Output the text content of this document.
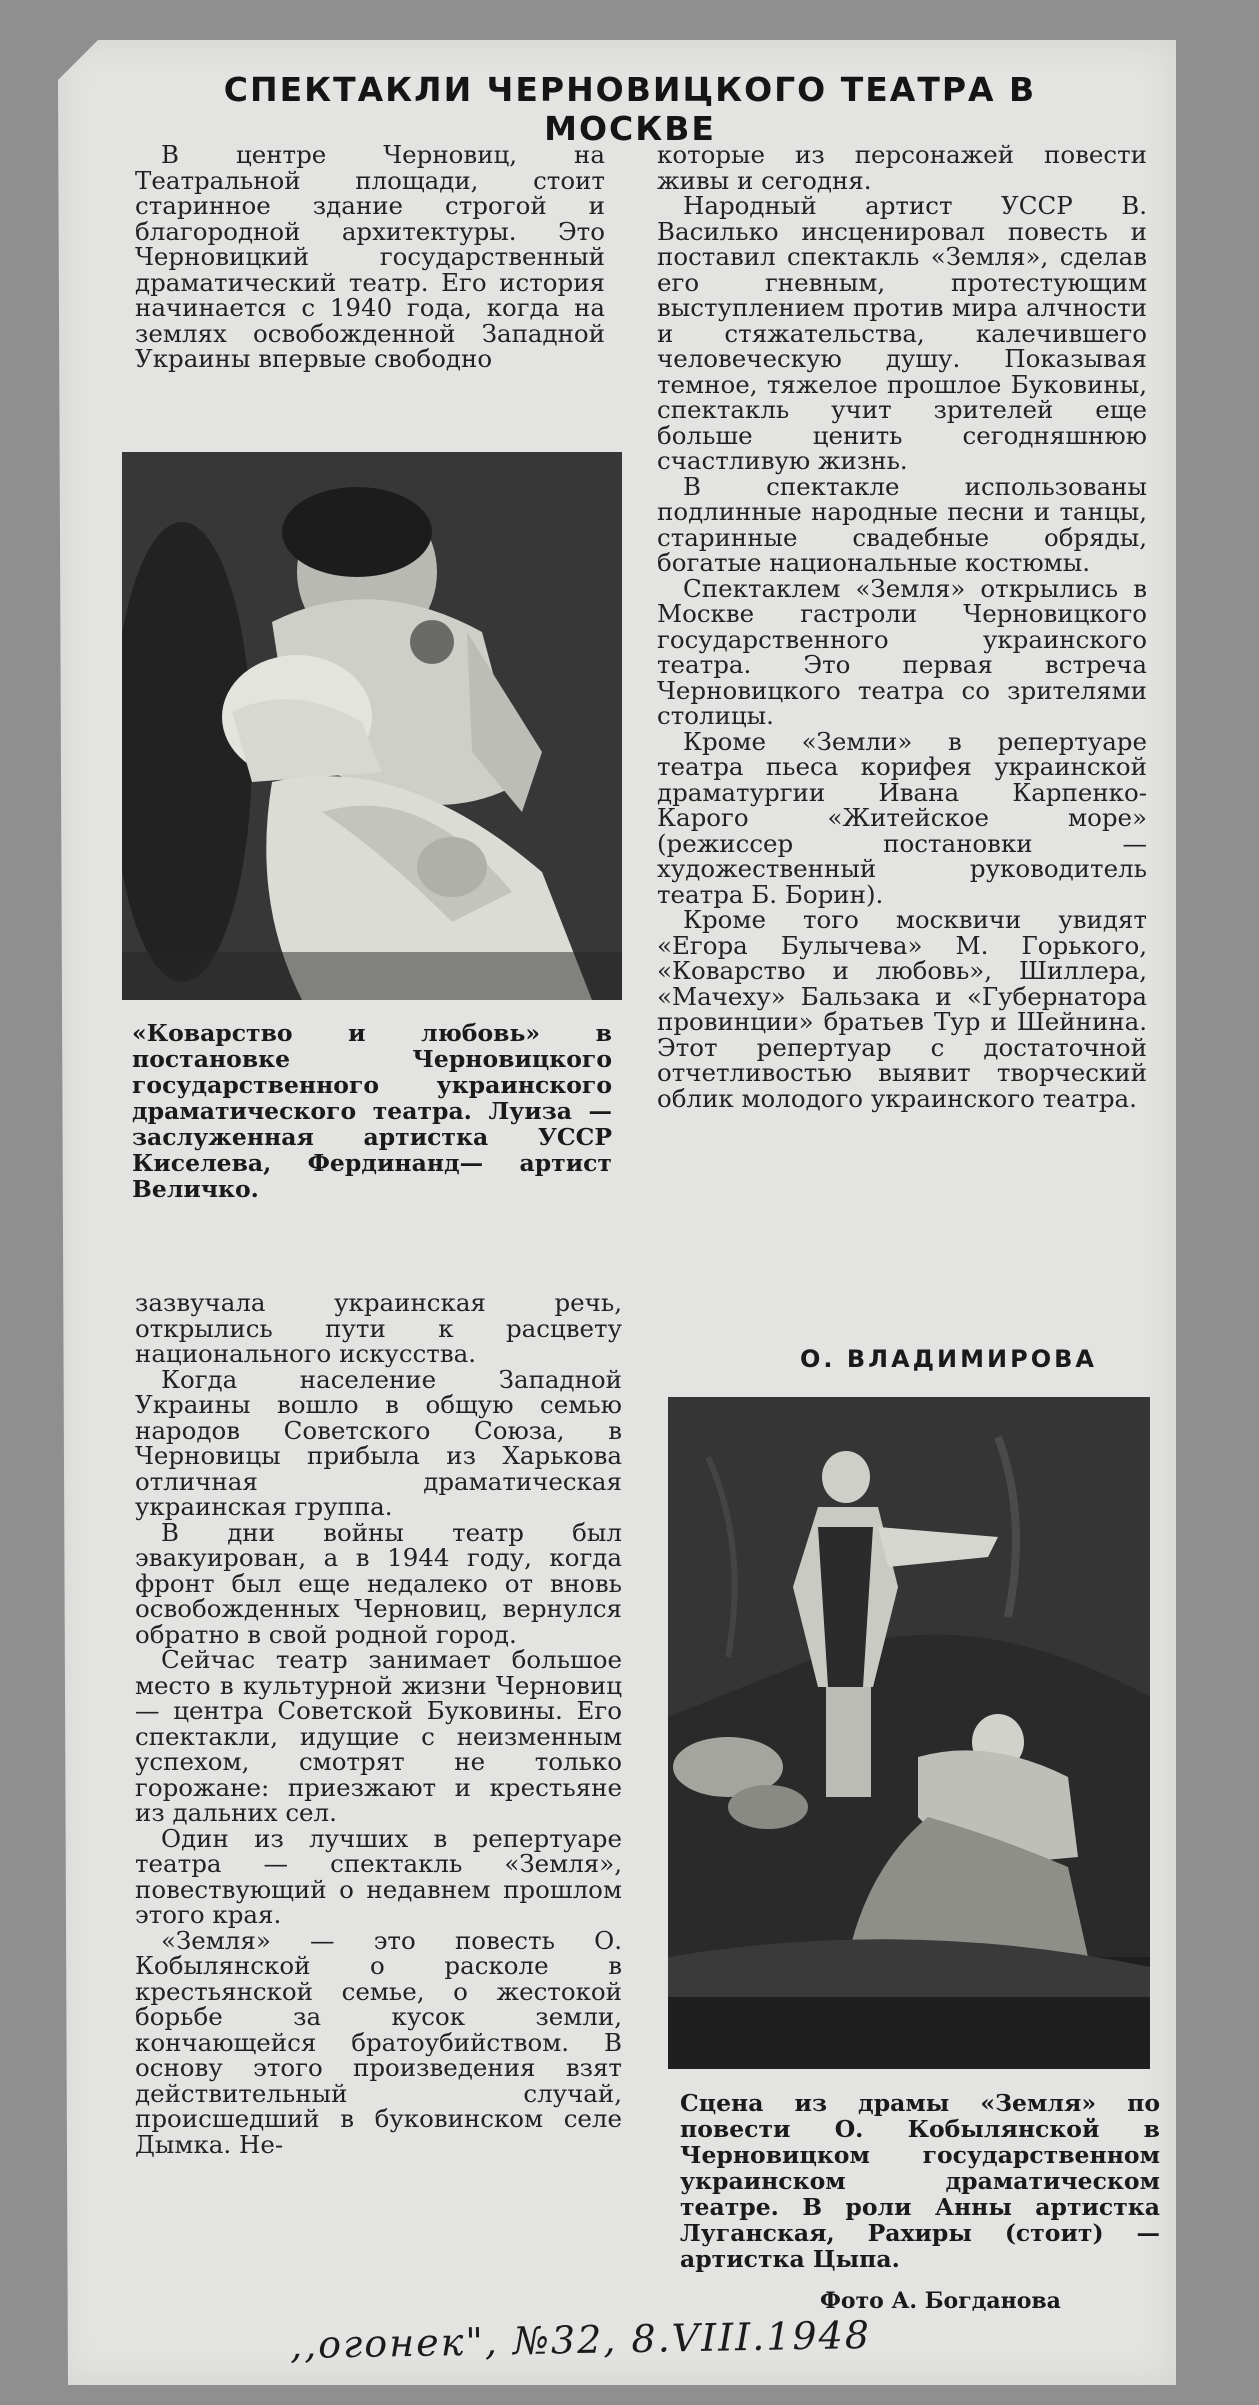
СПЕКТАКЛИ ЧЕРНОВИЦКОГО ТЕАТРА В МОСКВЕ

В центре Черновиц, на Театральной площади, стоит старинное здание строгой и благородной архитектуры. Это Черновицкий государственный драматический театр. Его история начинается с 1940 года, когда на землях освобожденной Западной Украины впервые свободно

«Коварство и любовь» в постановке Черновицкого государственного украинского драматического театра. Луиза — заслуженная артистка УССР Киселева, Фердинанд— артист Величко.

зазвучала украинская речь, открылись пути к расцвету национального искусства.

Когда население Западной Украины вошло в общую семью народов Советского Союза, в Черновицы прибыла из Харькова отличная драматическая украинская группа.

В дни войны театр был эвакуирован, а в 1944 году, когда фронт был еще недалеко от вновь освобожденных Черновиц, вернулся обратно в свой родной город.

Сейчас театр занимает большое место в культурной жизни Черновиц — центра Советской Буковины. Его спектакли, идущие с неизменным успехом, смотрят не только горожане: приезжают и крестьяне из дальних сел.

Один из лучших в репертуаре театра — спектакль «Земля», повествующий о недавнем прошлом этого края.

«Земля» — это повесть О. Кобылянской о расколе в крестьянской семье, о жестокой борьбе за кусок земли, кончающейся братоубийством. В основу этого произведения взят действительный случай, происшедший в буковинском селе Дымка. Не-

которые из персонажей повести живы и сегодня.

Народный артист УССР В. Василько инсценировал повесть и поставил спектакль «Земля», сделав его гневным, протестующим выступлением против мира алчности и стяжательства, калечившего человеческую душу. Показывая темное, тяжелое прошлое Буковины, спектакль учит зрителей еще больше ценить сегодняшнюю счастливую жизнь.

В спектакле использованы подлинные народные песни и танцы, старинные свадебные обряды, богатые национальные костюмы.

Спектаклем «Земля» открылись в Москве гастроли Черновицкого государственного украинского театра. Это первая встреча Черновицкого театра со зрителями столицы.

Кроме «Земли» в репертуаре театра пьеса корифея украинской драматургии Ивана Карпенко-Карого «Житейское море» (режиссер постановки — художественный руководитель театра Б. Борин).

Кроме того москвичи увидят «Егора Булычева» М. Горького, «Коварство и любовь», Шиллера, «Мачеху» Бальзака и «Губернатора провинции» братьев Тур и Шейнина. Этот репертуар с достаточной отчетливостью выявит творческий облик молодого украинского театра.

О. ВЛАДИМИРОВА
Сцена из драмы «Земля» по повести О. Кобылянской в Черновицком государственном украинском драматическом театре. В роли Анны артистка Луганская, Рахиры (стоит) — артистка Цыпа.
Фото А. Богданова
,,огонек", №32, 8.VIII.1948
